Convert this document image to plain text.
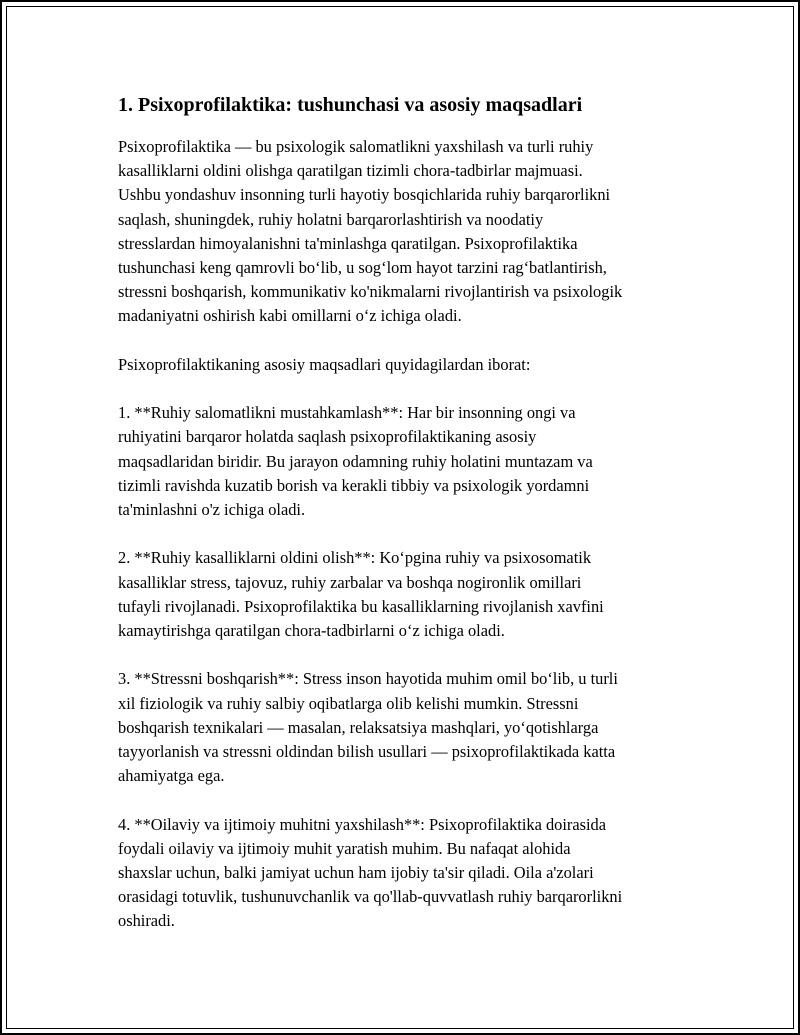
1. Psixoprofilaktika: tushunchasi va asosiy maqsadlari

Psixoprofilaktika — bu psixologik salomatlikni yaxshilash va turli ruhiy
kasalliklarni oldini olishga qaratilgan tizimli chora-tadbirlar majmuasi.
Ushbu yondashuv insonning turli hayotiy bosqichlarida ruhiy barqarorlikni
saqlash, shuningdek, ruhiy holatni barqarorlashtirish va noodatiy
stresslardan himoyalanishni ta'minlashga qaratilgan. Psixoprofilaktika
tushunchasi keng qamrovli boʻlib, u sogʻlom hayot tarzini ragʻbatlantirish,
stressni boshqarish, kommunikativ ko'nikmalarni rivojlantirish va psixologik
madaniyatni oshirish kabi omillarni oʻz ichiga oladi.

Psixoprofilaktikaning asosiy maqsadlari quyidagilardan iborat:

1. **Ruhiy salomatlikni mustahkamlash**: Har bir insonning ongi va
ruhiyatini barqaror holatda saqlash psixoprofilaktikaning asosiy
maqsadlaridan biridir. Bu jarayon odamning ruhiy holatini muntazam va
tizimli ravishda kuzatib borish va kerakli tibbiy va psixologik yordamni
ta'minlashni o'z ichiga oladi.

2. **Ruhiy kasalliklarni oldini olish**: Koʻpgina ruhiy va psixosomatik
kasalliklar stress, tajovuz, ruhiy zarbalar va boshqa nogironlik omillari
tufayli rivojlanadi. Psixoprofilaktika bu kasalliklarning rivojlanish xavfini
kamaytirishga qaratilgan chora-tadbirlarni oʻz ichiga oladi.

3. **Stressni boshqarish**: Stress inson hayotida muhim omil boʻlib, u turli
xil fiziologik va ruhiy salbiy oqibatlarga olib kelishi mumkin. Stressni
boshqarish texnikalari — masalan, relaksatsiya mashqlari, yoʻqotishlarga
tayyorlanish va stressni oldindan bilish usullari — psixoprofilaktikada katta
ahamiyatga ega.

4. **Oilaviy va ijtimoiy muhitni yaxshilash**: Psixoprofilaktika doirasida
foydali oilaviy va ijtimoiy muhit yaratish muhim. Bu nafaqat alohida
shaxslar uchun, balki jamiyat uchun ham ijobiy ta'sir qiladi. Oila a'zolari
orasidagi totuvlik, tushunuvchanlik va qo'llab-quvvatlash ruhiy barqarorlikni
oshiradi.
